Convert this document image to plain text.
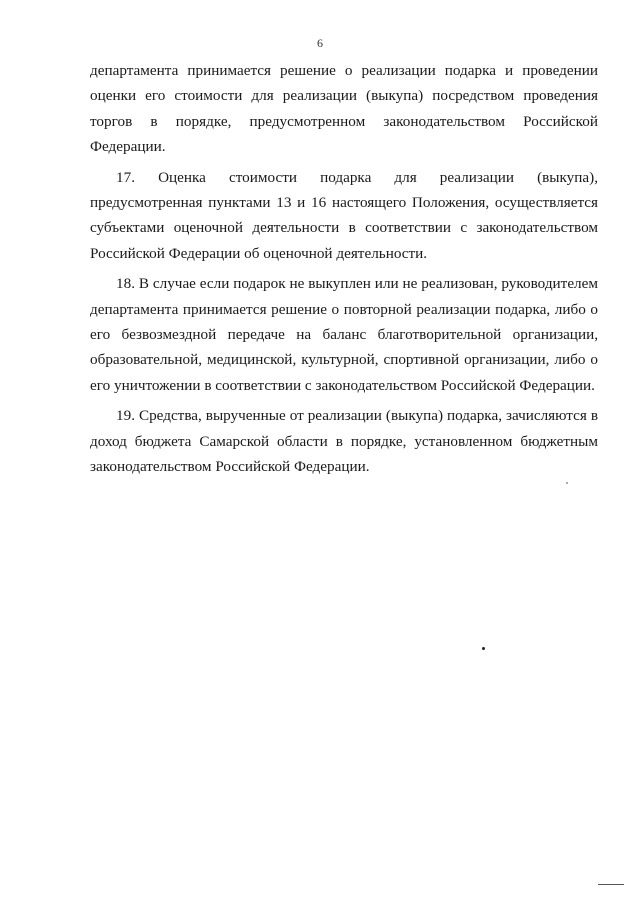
6

департамента принимается решение о реализации подарка и проведении оценки его стоимости для реализации (выкупа) посредством проведения торгов в порядке, предусмотренном законодательством Российской Федерации.

17. Оценка стоимости подарка для реализации (выкупа), предусмотренная пунктами 13 и 16 настоящего Положения, осуществляется субъектами оценочной деятельности в соответствии с законодательством Российской Федерации об оценочной деятельности.

18. В случае если подарок не выкуплен или не реализован, руководителем департамента принимается решение о повторной реализации подарка, либо о его безвозмездной передаче на баланс благотворительной организации, образовательной, медицинской, культурной, спортивной организации, либо о его уничтожении в соответствии с законодательством Российской Федерации.

19. Средства, вырученные от реализации (выкупа) подарка, зачисляются в доход бюджета Самарской области в порядке, установленном бюджетным законодательством Российской Федерации.
